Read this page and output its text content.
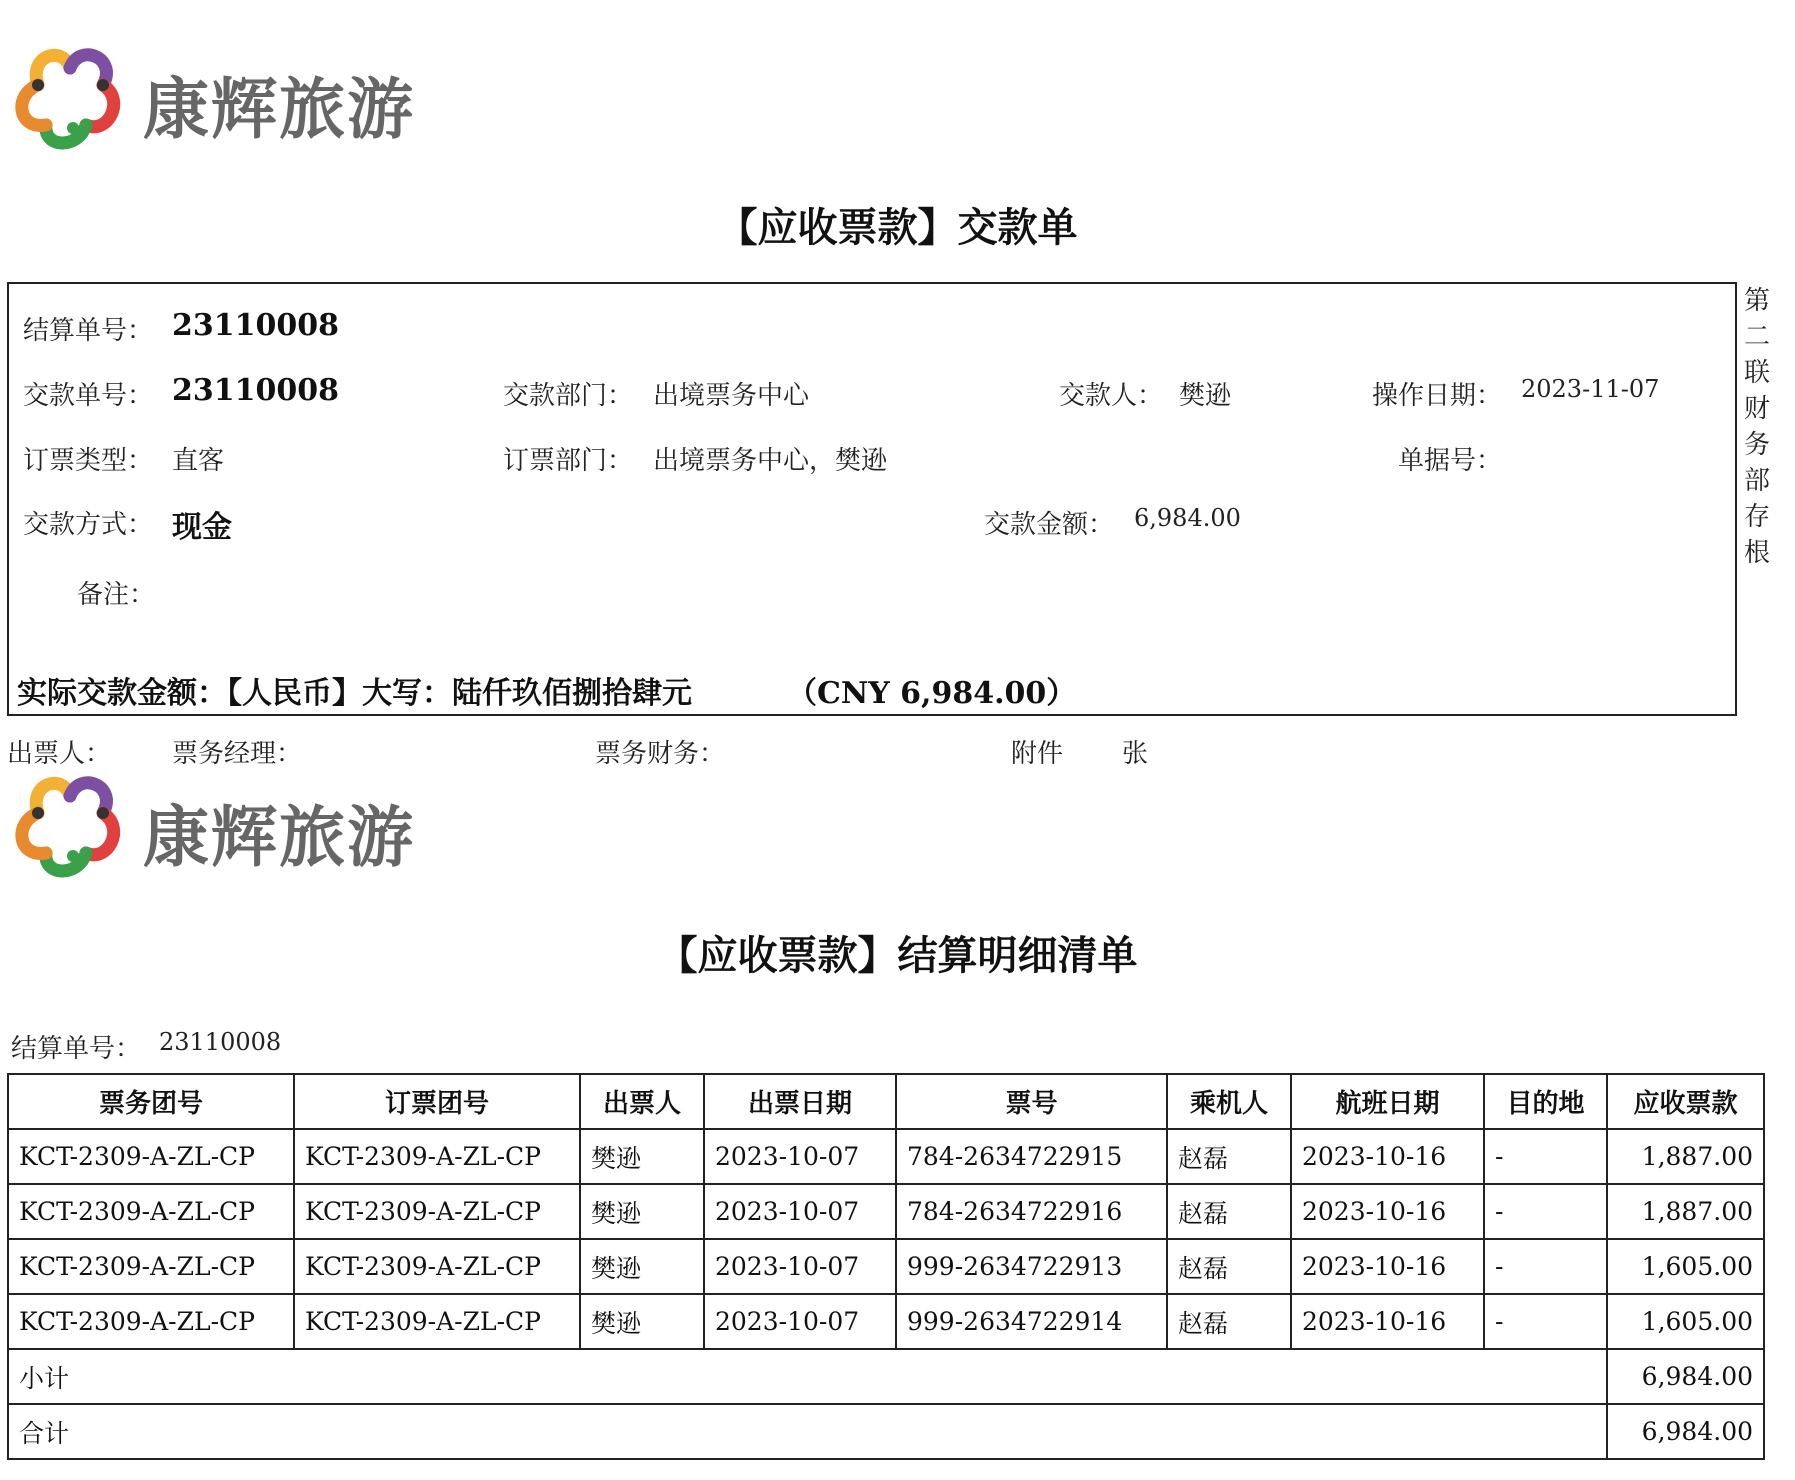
康辉旅游
【应收票款】交款单
结算单号： 23110008
交款单号： 23110008	交款部门： 出境票务中心	交款人： 樊逊	操作日期： 2023-11-07
订票类型： 直客	订票部门： 出境票务中心，樊逊	单据号：
交款方式： 现金	交款金额： 6,984.00
备注：
实际交款金额：【人民币】大写：陆仟玖佰捌拾肆元	（CNY 6,984.00）
第
二
联
财
务
部
存
根
出票人： 票务经理：	票务财务：	附件 张
康辉旅游
【应收票款】结算明细清单
结算单号： 23110008
票务团号	订票团号	出票人	出票日期	票号	乘机人	航班日期	目的地	应收票款
KCT-2309-A-ZL-CP	KCT-2309-A-ZL-CP	樊逊	2023-10-07	784-2634722915	赵磊	2023-10-16	-	1,887.00
KCT-2309-A-ZL-CP	KCT-2309-A-ZL-CP	樊逊	2023-10-07	784-2634722916	赵磊	2023-10-16	-	1,887.00
KCT-2309-A-ZL-CP	KCT-2309-A-ZL-CP	樊逊	2023-10-07	999-2634722913	赵磊	2023-10-16	-	1,605.00
KCT-2309-A-ZL-CP	KCT-2309-A-ZL-CP	樊逊	2023-10-07	999-2634722914	赵磊	2023-10-16	-	1,605.00
小计								6,984.00
合计								6,984.00
